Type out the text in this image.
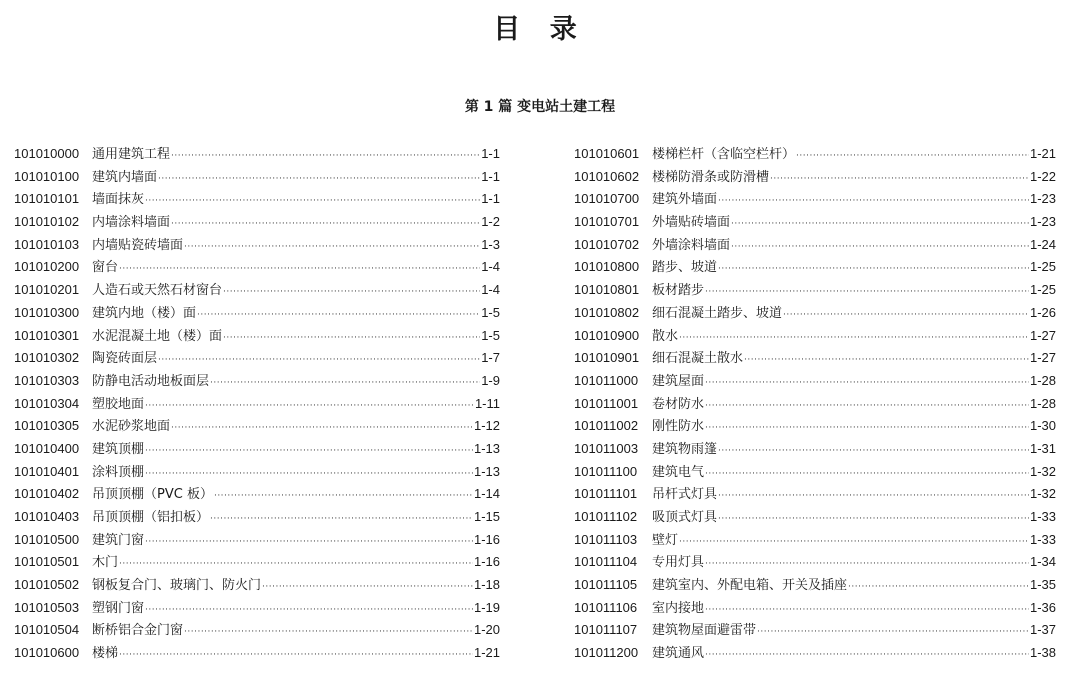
目 录
第 1 篇 变电站土建工程
101010000 通用建筑工程 ·····	1-1
101010100 建筑内墙面 ·····	1-1
101010101 墙面抹灰 ·····	1-1
101010102 内墙涂料墙面 ·····	1-2
101010103 内墙贴瓷砖墙面 ·····	1-3
101010200 窗台 ·····	1-4
101010201 人造石或天然石材窗台 ·····	1-4
101010300 建筑内地（楼）面 ·····	1-5
101010301 水泥混凝土地（楼）面 ·····	1-5
101010302 陶瓷砖面层 ·····	1-7
101010303 防静电活动地板面层 ·····	1-9
101010304 塑胶地面 ·····	1-11
101010305 水泥砂浆地面 ·····	1-12
101010400 建筑顶棚 ·····	1-13
101010401 涂料顶棚 ·····	1-13
101010402 吊顶顶棚（PVC 板） ·····	1-14
101010403 吊顶顶棚（铝扣板） ·····	1-15
101010500 建筑门窗 ·····	1-16
101010501 木门 ·····	1-16
101010502 钢板复合门、玻璃门、防火门 ·····	1-18
101010503 塑钢门窗 ·····	1-19
101010504 断桥铝合金门窗 ·····	1-20
101010600 楼梯 ·····	1-21
101010601 楼梯栏杆（含临空栏杆） ·····	1-21
101010602 楼梯防滑条或防滑槽 ·····	1-22
101010700 建筑外墙面 ·····	1-23
101010701 外墙贴砖墙面 ·····	1-23
101010702 外墙涂料墙面 ·····	1-24
101010800 踏步、坡道 ·····	1-25
101010801 板材踏步 ·····	1-25
101010802 细石混凝土踏步、坡道 ·····	1-26
101010900 散水 ·····	1-27
101010901 细石混凝土散水 ·····	1-27
101011000	建筑屋面 ·····	1-28
101011001	卷材防水 ·····	1-28
101011002	刚性防水 ·····	1-30
101011003	建筑物雨篷 ·····	1-31
101011100	建筑电气 ·····	1-32
101011101	吊杆式灯具 ·····	1-32
101011102	吸顶式灯具 ·····	1-33
101011103	壁灯 ·····	1-33
101011104	专用灯具 ·····	1-34
101011105	建筑室内、外配电箱、开关及插座 ·····	1-35
101011106	室内接地 ·····	1-36
101011107	建筑物屋面避雷带 ·····	1-37
101011200	建筑通风 ·····	1-38
